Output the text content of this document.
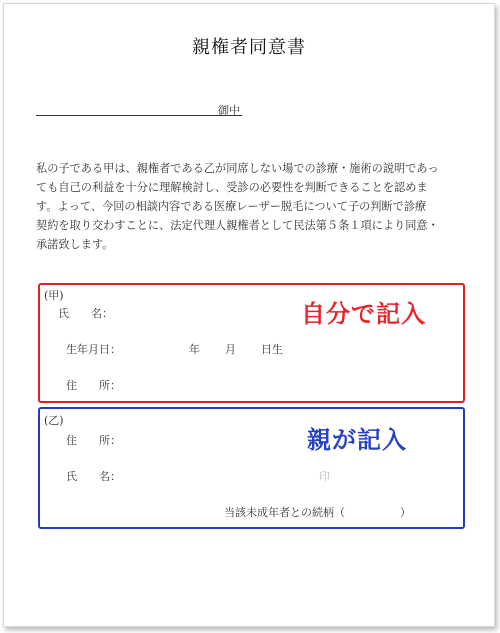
親権者同意書
御中

私の子である甲は、親権者である乙が同席しない場での診療・施術の説明であっ
ても自己の利益を十分に理解検討し、受診の必要性を判断できることを認めま
す。よって、今回の相談内容である医療レーザー脱毛について子の判断で診療
契約を取り交わすことに、法定代理人親権者として民法第５条１項により同意・
承諾致します。

(甲)
氏　　名：
生年月日：	年 月 日生
住　　所：
自分で記入
(乙)
住　　所：
氏　　名：	印
当該未成年者との続柄（　　　　　）
親が記入
